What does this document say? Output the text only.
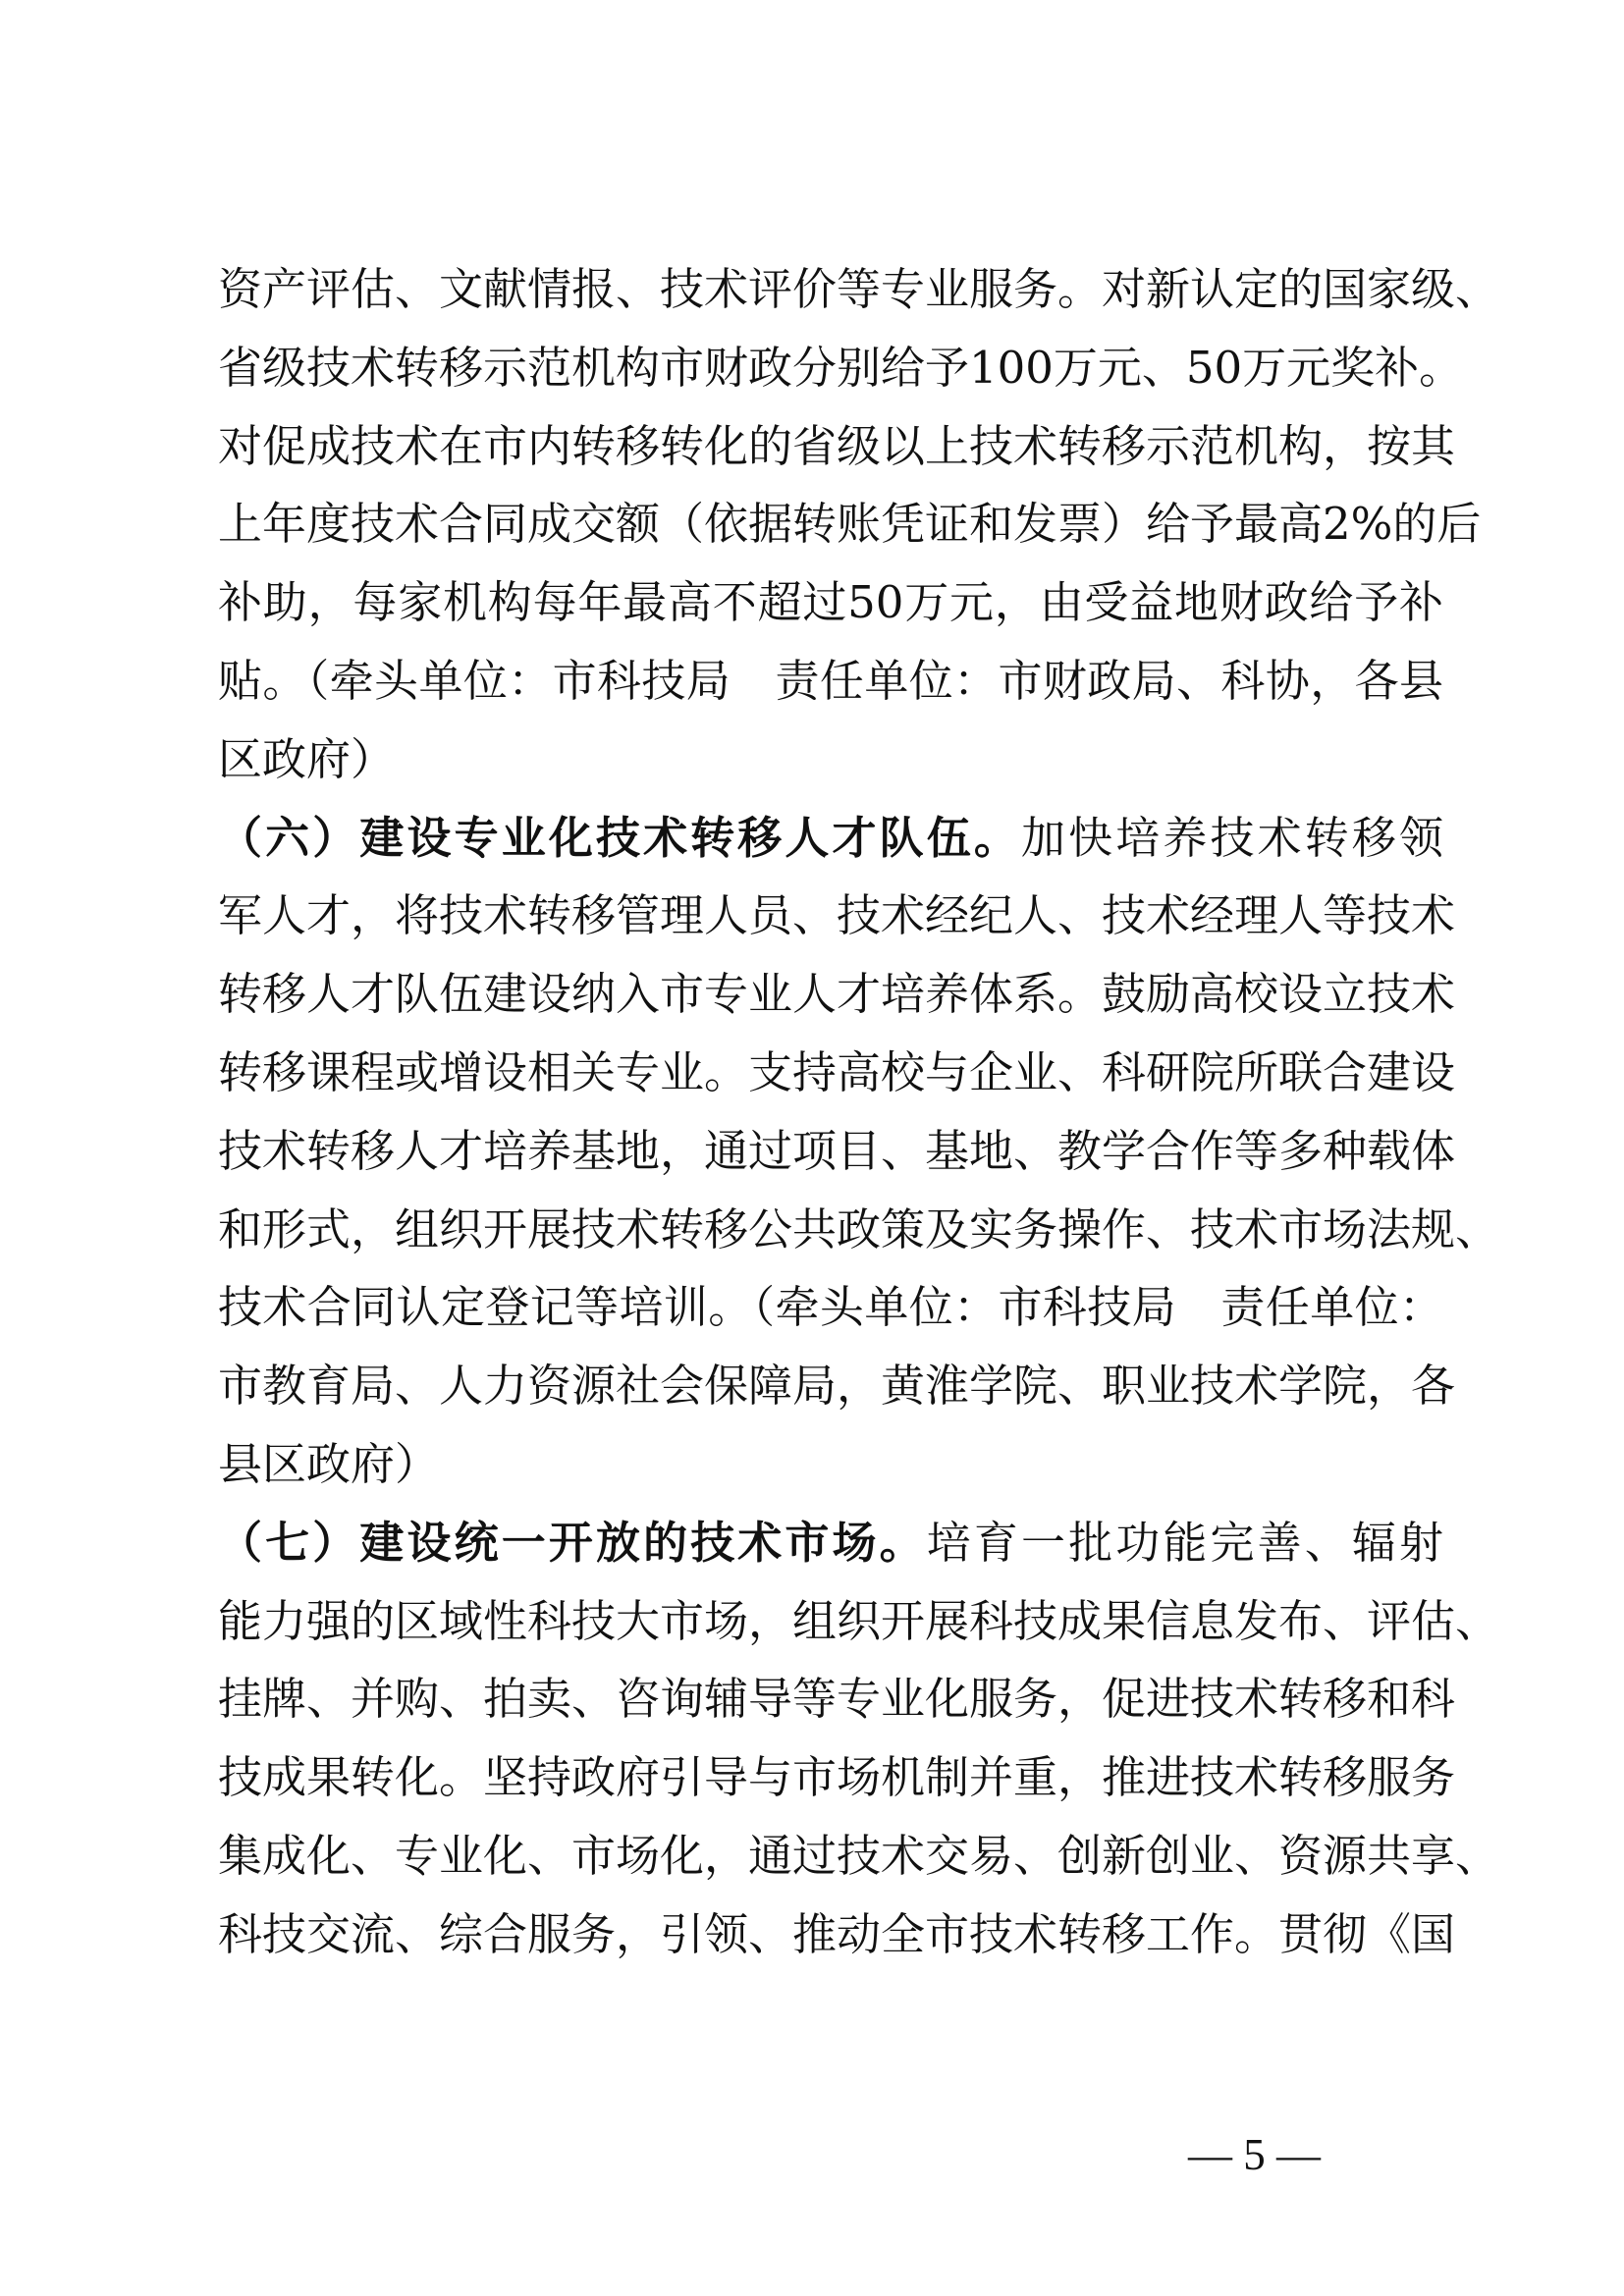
资产评估、文献情报、技术评价等专业服务。对新认定的国家级、
省级技术转移示范机构市财政分别给予100万元、50万元奖补。
对促成技术在市内转移转化的省级以上技术转移示范机构，按其
上年度技术合同成交额（依据转账凭证和发票）给予最高2%的后
补助，每家机构每年最高不超过50万元，由受益地财政给予补
贴。（牵头单位：市科技局　责任单位：市财政局、科协，各县
区政府）
（六）建设专业化技术转移人才队伍。加快培养技术转移领
军人才，将技术转移管理人员、技术经纪人、技术经理人等技术
转移人才队伍建设纳入市专业人才培养体系。鼓励高校设立技术
转移课程或增设相关专业。支持高校与企业、科研院所联合建设
技术转移人才培养基地，通过项目、基地、教学合作等多种载体
和形式，组织开展技术转移公共政策及实务操作、技术市场法规、
技术合同认定登记等培训。（牵头单位：市科技局　责任单位：
市教育局、人力资源社会保障局，黄淮学院、职业技术学院，各
县区政府）
（七）建设统一开放的技术市场。培育一批功能完善、辐射
能力强的区域性科技大市场，组织开展科技成果信息发布、评估、
挂牌、并购、拍卖、咨询辅导等专业化服务，促进技术转移和科
技成果转化。坚持政府引导与市场机制并重，推进技术转移服务
集成化、专业化、市场化，通过技术交易、创新创业、资源共享、
科技交流、综合服务，引领、推动全市技术转移工作。贯彻《国
— 5 —
